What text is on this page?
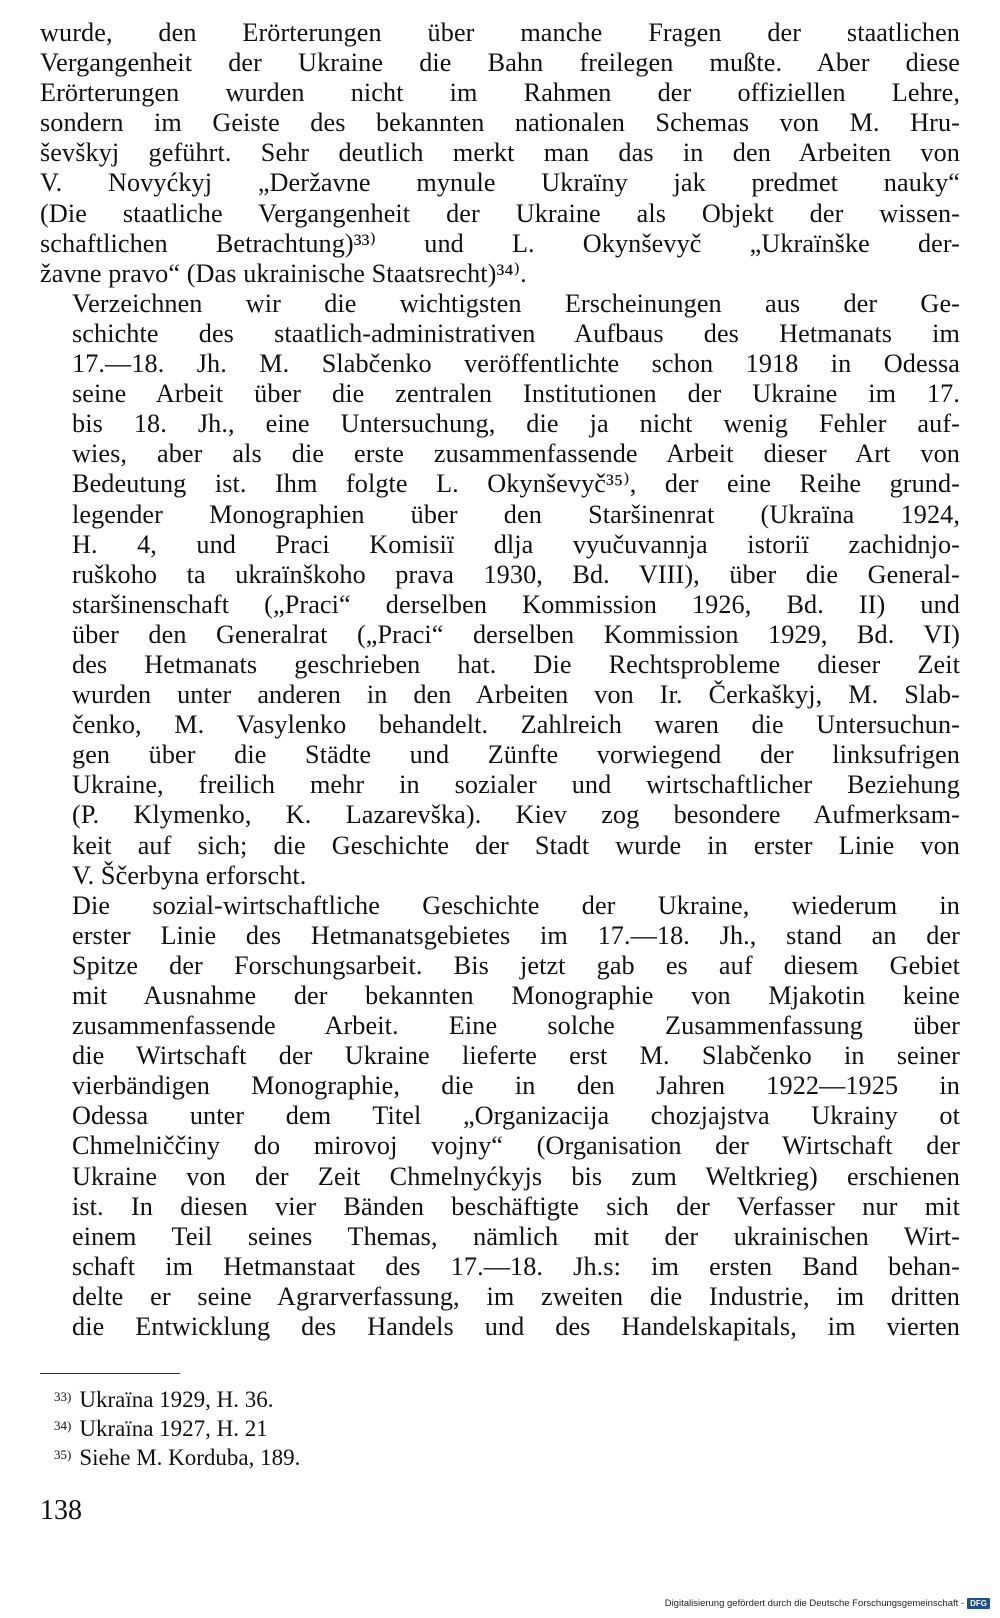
wurde, den Erörterungen über manche Fragen der staatlichen
Vergangenheit der Ukraine die Bahn freilegen mußte. Aber diese
Erörterungen wurden nicht im Rahmen der offiziellen Lehre,
sondern im Geiste des bekannten nationalen Schemas von M. Hru-
ševškyj geführt. Sehr deutlich merkt man das in den Arbeiten von
V. Novyćkyj „Deržavne mynule Ukraïny jak predmet nauky“
(Die staatliche Vergangenheit der Ukraine als Objekt der wissen-
schaftlichen Betrachtung)³³⁾ und L. Okynševyč „Ukraïnške der-
žavne pravo“ (Das ukrainische Staatsrecht)³⁴⁾.

Verzeichnen wir die wichtigsten Erscheinungen aus der Ge-
schichte des staatlich-administrativen Aufbaus des Hetmanats im
17.—18. Jh. M. Slabčenko veröffentlichte schon 1918 in Odessa
seine Arbeit über die zentralen Institutionen der Ukraine im 17.
bis 18. Jh., eine Untersuchung, die ja nicht wenig Fehler auf-
wies, aber als die erste zusammenfassende Arbeit dieser Art von
Bedeutung ist. Ihm folgte L. Okynševyč³⁵⁾, der eine Reihe grund-
legender Monographien über den Staršinenrat (Ukraïna 1924,
H. 4, und Praci Komisiï dlja vyučuvannja istoriï zachidnjo-
ruškoho ta ukraïnškoho prava 1930, Bd. VIII), über die General-
staršinenschaft („Praci“ derselben Kommission 1926, Bd. II) und
über den Generalrat („Praci“ derselben Kommission 1929, Bd. VI)
des Hetmanats geschrieben hat. Die Rechtsprobleme dieser Zeit
wurden unter anderen in den Arbeiten von Ir. Čerkaškyj, M. Slab-
čenko, M. Vasylenko behandelt. Zahlreich waren die Untersuchun-
gen über die Städte und Zünfte vorwiegend der linksufrigen
Ukraine, freilich mehr in sozialer und wirtschaftlicher Beziehung
(P. Klymenko, K. Lazarevška). Kiev zog besondere Aufmerksam-
keit auf sich; die Geschichte der Stadt wurde in erster Linie von
V. Ščerbyna erforscht.

Die sozial-wirtschaftliche Geschichte der Ukraine, wiederum in
erster Linie des Hetmanatsgebietes im 17.—18. Jh., stand an der
Spitze der Forschungsarbeit. Bis jetzt gab es auf diesem Gebiet
mit Ausnahme der bekannten Monographie von Mjakotin keine
zusammenfassende Arbeit. Eine solche Zusammenfassung über
die Wirtschaft der Ukraine lieferte erst M. Slabčenko in seiner
vierbändigen Monographie, die in den Jahren 1922—1925 in
Odessa unter dem Titel „Organizacija chozjajstva Ukrainy ot
Chmelniččiny do mirovoj vojny“ (Organisation der Wirtschaft der
Ukraine von der Zeit Chmelnyćkyjs bis zum Weltkrieg) erschienen
ist. In diesen vier Bänden beschäftigte sich der Verfasser nur mit
einem Teil seines Themas, nämlich mit der ukrainischen Wirt-
schaft im Hetmanstaat des 17.—18. Jh.s: im ersten Band behan-
delte er seine Agrarverfassung, im zweiten die Industrie, im dritten
die Entwicklung des Handels und des Handelskapitals, im vierten

$^{33)}$ Ukraïna 1929, H. 36.

$^{34)}$ Ukraïna 1927, H. 21

$^{35)}$ Siehe M. Korduba, 189.

138
Digitalisierung gefördert durch die Deutsche Forschungsgemeinschaft - DFG
